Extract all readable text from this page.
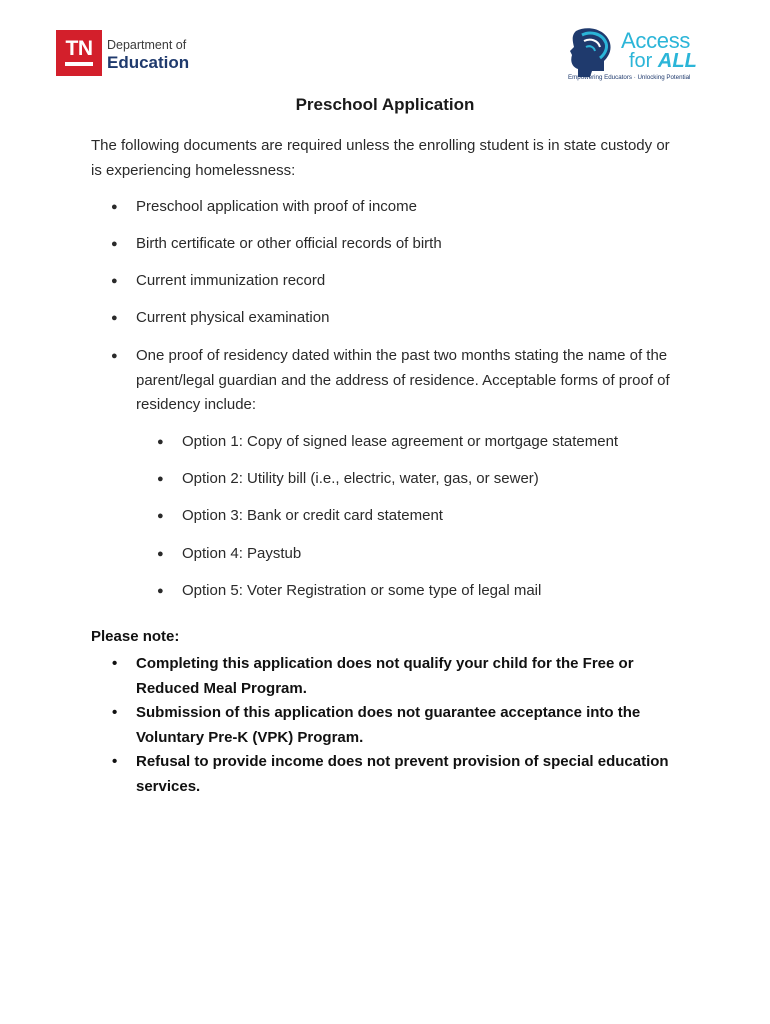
TN Department of
Education
Access
for ALL
Empowering Educators · Unlocking Potential
Preschool Application
The following documents are required unless the enrolling student is in state custody or is experiencing homelessness:
● Preschool application with proof of income
● Birth certificate or other official records of birth
● Current immunization record
● Current physical examination
● One proof of residency dated within the past two months stating the name of the parent/legal guardian and the address of residence. Acceptable forms of proof of residency include:
● Option 1: Copy of signed lease agreement or mortgage statement
● Option 2: Utility bill (i.e., electric, water, gas, or sewer)
● Option 3: Bank or credit card statement
● Option 4: Paystub
● Option 5: Voter Registration or some type of legal mail
Please note:
• Completing this application does not qualify your child for the Free or Reduced Meal Program.
• Submission of this application does not guarantee acceptance into the Voluntary Pre-K (VPK) Program.
• Refusal to provide income does not prevent provision of special education services.
